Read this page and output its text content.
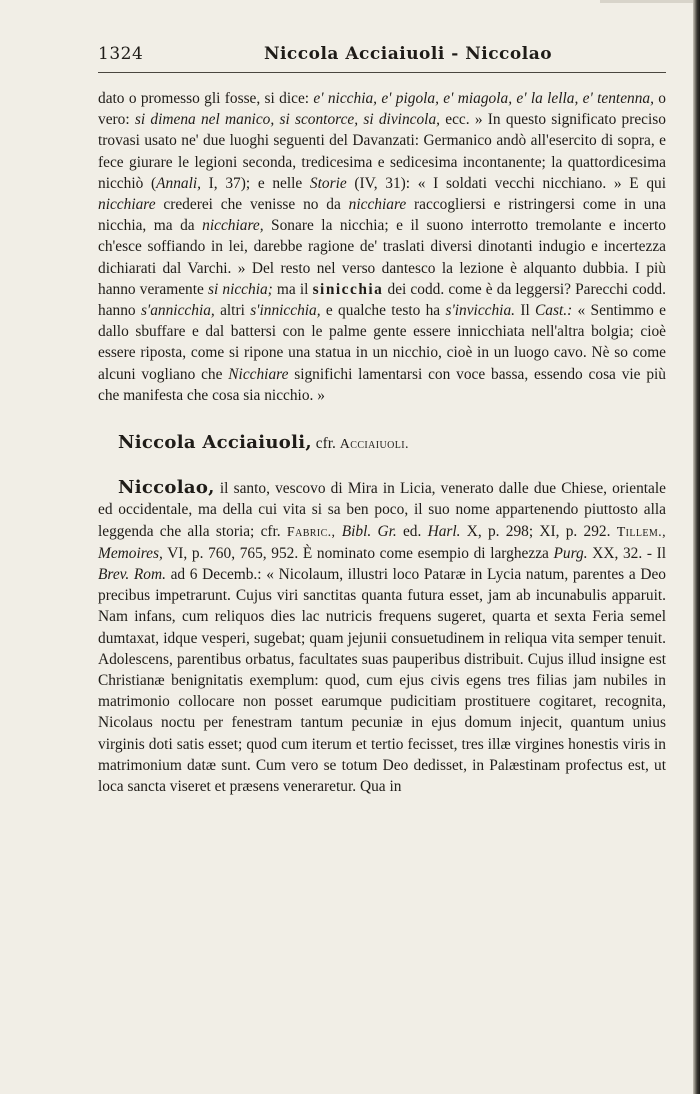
1324	Niccola Acciaiuoli - Niccolao

dato o promesso gli fosse, si dice: e' nicchia, e' pigola, e' miagola, e' la lella, e' tentenna, o vero: si dimena nel manico, si scontorce, si divincola, ecc. » In questo significato preciso trovasi usato ne' due luoghi seguenti del Davanzati: Germanico andò all'esercito di sopra, e fece giurare le legioni seconda, tredicesima e sedicesima incontanente; la quattordicesima nicchiò (Annali, I, 37); e nelle Storie (IV, 31): « I soldati vecchi nicchiano. » E qui nicchiare crederei che venisse no da nicchiare raccogliersi e ristringersi come in una nicchia, ma da nicchiare, Sonare la nicchia; e il suono interrotto tremolante e incerto ch'esce soffiando in lei, darebbe ragione de' traslati diversi dinotanti indugio e incertezza dichiarati dal Varchi. » Del resto nel verso dantesco la lezione è alquanto dubbia. I più hanno veramente si nicchia; ma il sinicchia dei codd. come è da leggersi? Parecchi codd. hanno s'annicchia, altri s'innicchia, e qualche testo ha s'invicchia. Il Cast.: « Sentimmo e dallo sbuffare e dal battersi con le palme gente essere innicchiata nell'altra bolgia; cioè essere riposta, come si ripone una statua in un nicchio, cioè in un luogo cavo. Nè so come alcuni vogliano che Nicchiare significhi lamentarsi con voce bassa, essendo cosa vie più che manifesta che cosa sia nicchio. »

Niccola Acciaiuoli, cfr. Acciaiuoli.

Niccolao, il santo, vescovo di Mira in Licia, venerato dalle due Chiese, orientale ed occidentale, ma della cui vita si sa ben poco, il suo nome appartenendo piuttosto alla leggenda che alla storia; cfr. Fabric., Bibl. Gr. ed. Harl. X, p. 298; XI, p. 292. Tillem., Memoires, VI, p. 760, 765, 952. È nominato come esempio di larghezza Purg. XX, 32. - Il Brev. Rom. ad 6 Decemb.: « Nicolaum, illustri loco Pataræ in Lycia natum, parentes a Deo precibus impetrarunt. Cujus viri sanctitas quanta futura esset, jam ab incunabulis apparuit. Nam infans, cum reliquos dies lac nutricis frequens sugeret, quarta et sexta Feria semel dumtaxat, idque vesperi, sugebat; quam jejunii consuetudinem in reliqua vita semper tenuit. Adolescens, parentibus orbatus, facultates suas pauperibus distribuit. Cujus illud insigne est Christianæ benignitatis exemplum: quod, cum ejus civis egens tres filias jam nubiles in matrimonio collocare non posset earumque pudicitiam prostituere cogitaret, recognita, Nicolaus noctu per fenestram tantum pecuniæ in ejus domum injecit, quantum unius virginis doti satis esset; quod cum iterum et tertio fecisset, tres illæ virgines honestis viris in matrimonium datæ sunt. Cum vero se totum Deo dedisset, in Palæstinam profectus est, ut loca sancta viseret et præsens veneraretur. Qua in
